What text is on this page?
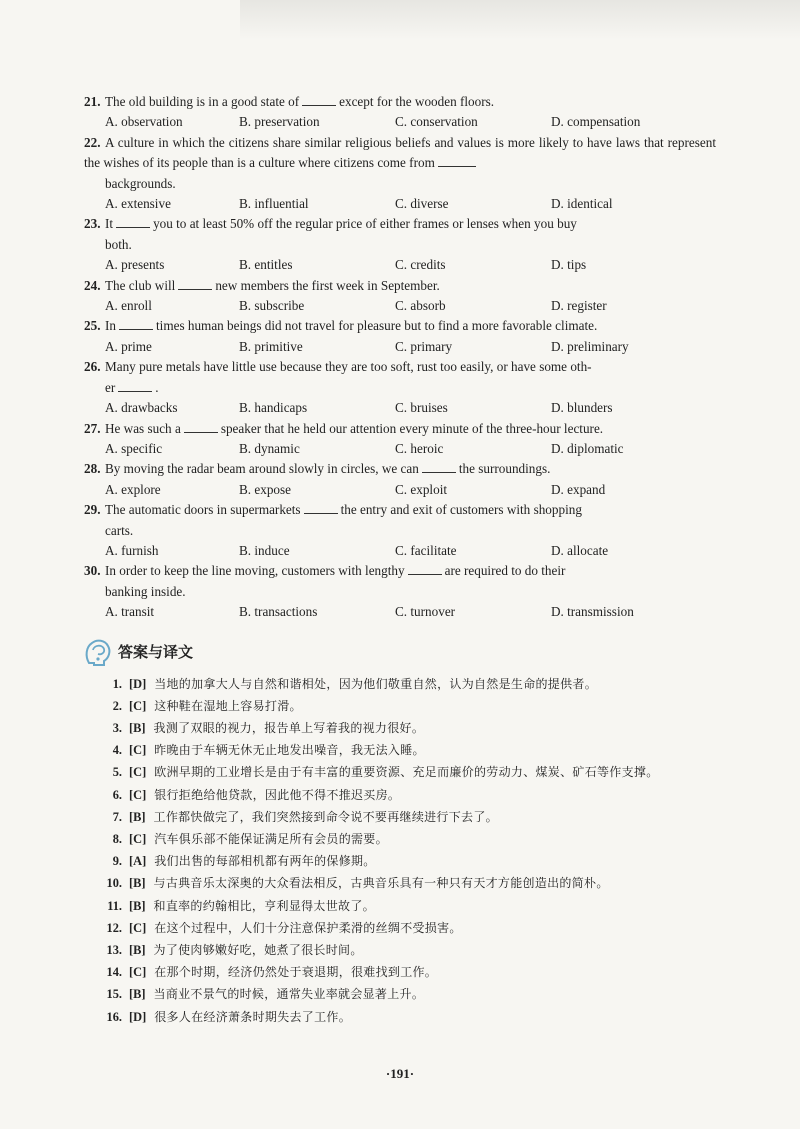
21. The old building is in a good state of	except for the wooden floors.
A. observation	B. preservation	C. conservation	D. compensation
22. A culture in which the citizens share similar religious beliefs and values is more likely to have laws that represent the wishes of its people than is a culture where citizens come from
backgrounds.
A. extensive	B. influential	C. diverse	D. identical
23. It	you to at least 50% off the regular price of either frames or lenses when you buy
both.
A. presents	B. entitles	C. credits	D. tips
24. The club will	new members the first week in September.
A. enroll	B. subscribe	C. absorb	D. register
25. In	times human beings did not travel for pleasure but to find a more favorable climate.
A. prime	B. primitive	C. primary	D. preliminary
26. Many pure metals have little use because they are too soft, rust too easily, or have some oth-
er	.
A. drawbacks	B. handicaps	C. bruises	D. blunders
27. He was such a	speaker that he held our attention every minute of the three-hour lecture.
A. specific	B. dynamic	C. heroic	D. diplomatic
28. By moving the radar beam around slowly in circles, we can	the surroundings.
A. explore	B. expose	C. exploit	D. expand
29. The automatic doors in supermarkets	the entry and exit of customers with shopping
carts.
A. furnish	B. induce	C. facilitate	D. allocate
30. In order to keep the line moving, customers with lengthy	are required to do their
banking inside.
A. transit	B. transactions	C. turnover	D. transmission
答案与译文
1. [D] 当地的加拿大人与自然和谐相处，因为他们敬重自然，认为自然是生命的提供者。
2. [C] 这种鞋在湿地上容易打滑。
3. [B] 我测了双眼的视力，报告单上写着我的视力很好。
4. [C] 昨晚由于车辆无休无止地发出噪音，我无法入睡。
5. [C] 欧洲早期的工业增长是由于有丰富的重要资源、充足而廉价的劳动力、煤炭、矿石等作支撑。
6. [C] 银行拒绝给他贷款，因此他不得不推迟买房。
7. [B] 工作都快做完了，我们突然接到命令说不要再继续进行下去了。
8. [C] 汽车俱乐部不能保证满足所有会员的需要。
9. [A] 我们出售的每部相机都有两年的保修期。
10. [B] 与古典音乐太深奥的大众看法相反，古典音乐具有一种只有天才方能创造出的简朴。
11. [B] 和直率的约翰相比，亨利显得太世故了。
12. [C] 在这个过程中，人们十分注意保护柔滑的丝绸不受损害。
13. [B] 为了使肉够嫩好吃，她煮了很长时间。
14. [C] 在那个时期，经济仍然处于衰退期，很难找到工作。
15. [B] 当商业不景气的时候，通常失业率就会显著上升。
16. [D] 很多人在经济萧条时期失去了工作。
·191·
